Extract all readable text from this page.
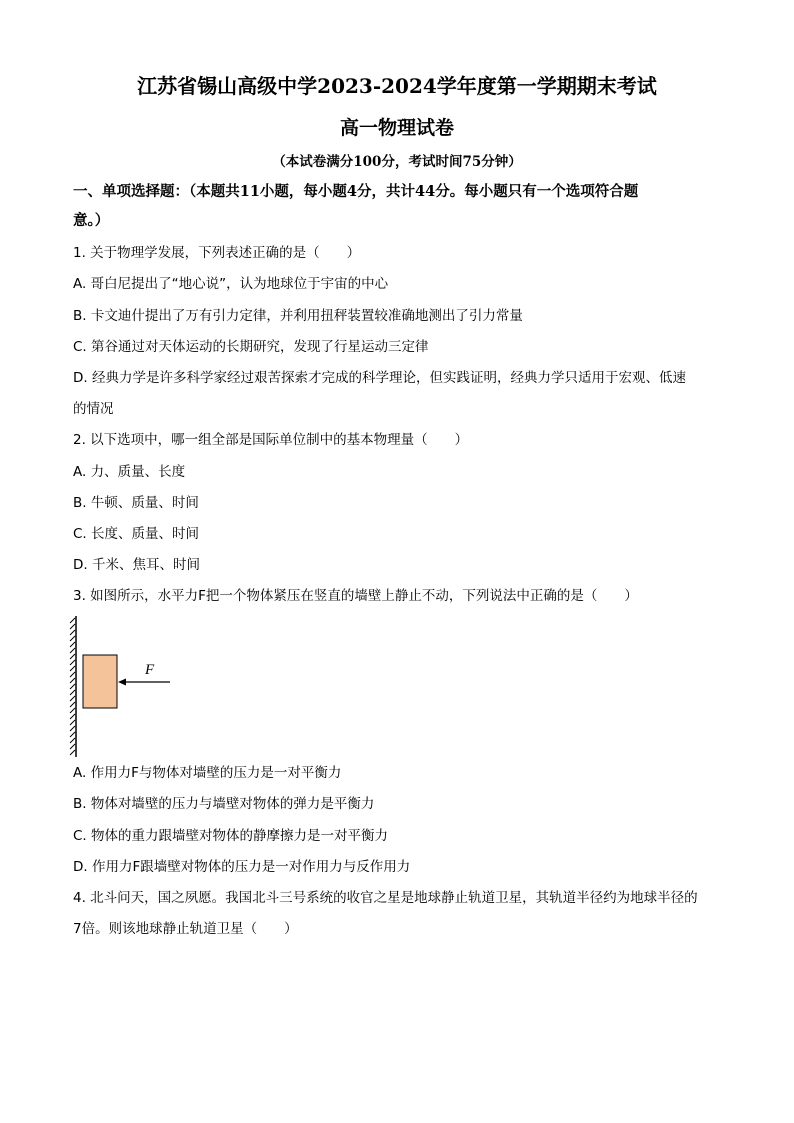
江苏省锡山高级中学2023-2024学年度第一学期期末考试
高一物理试卷
（本试卷满分100分，考试时间75分钟）
一、单项选择题：（本题共11小题，每小题4分，共计44分。每小题只有一个选项符合题
意。）
1. 关于物理学发展，下列表述正确的是（　　）
A. 哥白尼提出了“地心说”，认为地球位于宇宙的中心
B. 卡文迪什提出了万有引力定律，并利用扭秤装置较准确地测出了引力常量
C. 第谷通过对天体运动的长期研究，发现了行星运动三定律
D. 经典力学是许多科学家经过艰苦探索才完成的科学理论，但实践证明，经典力学只适用于宏观、低速
的情况
2. 以下选项中，哪一组全部是国际单位制中的基本物理量（　　）
A. 力、质量、长度
B. 牛顿、质量、时间
C. 长度、质量、时间
D. 千米、焦耳、时间
3. 如图所示，水平力F把一个物体紧压在竖直的墙壁上静止不动，下列说法中正确的是（　　）
F
A. 作用力F与物体对墙壁的压力是一对平衡力
B. 物体对墙壁的压力与墙壁对物体的弹力是平衡力
C. 物体的重力跟墙壁对物体的静摩擦力是一对平衡力
D. 作用力F跟墙壁对物体的压力是一对作用力与反作用力
4. 北斗问天，国之夙愿。我国北斗三号系统的收官之星是地球静止轨道卫星，其轨道半径约为地球半径的
7倍。则该地球静止轨道卫星（　　）
